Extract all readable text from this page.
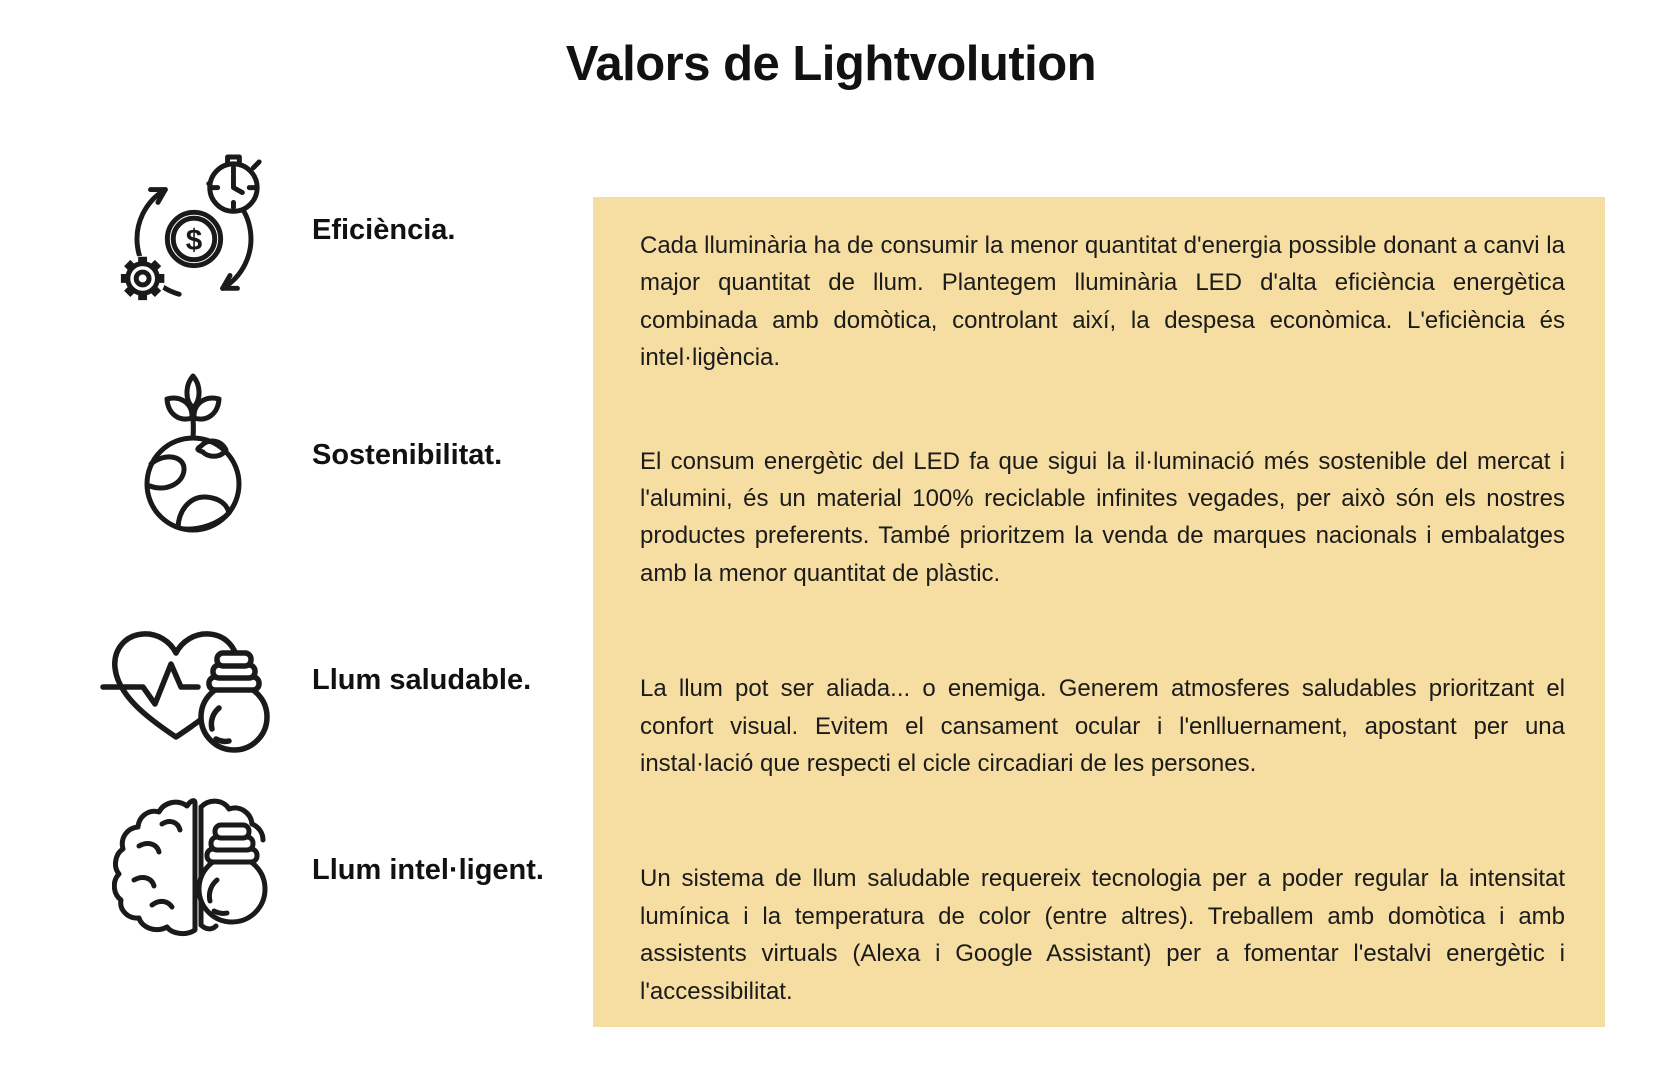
Valors de Lightvolution
$	Eficiència.
Sostenibilitat.
Llum saludable.
Llum intel·ligent.

Cada lluminària ha de consumir la menor quantitat d'energia possible donant a canvi la major quantitat de llum. Plantegem lluminària LED d'alta eficiència energètica combinada amb domòtica, controlant així, la despesa econòmica. L'eficiència és intel·ligència.

El consum energètic del LED fa que sigui la il·luminació més sostenible del mercat i l'alumini, és un material 100% reciclable infinites vegades, per això són els nostres productes preferents. També prioritzem la venda de marques nacionals i embalatges amb la menor quantitat de plàstic.

La llum pot ser aliada... o enemiga. Generem atmosferes saludables prioritzant el confort visual. Evitem el cansament ocular i l'enlluernament, apostant per una instal·lació que respecti el cicle circadiari de les persones.

Un sistema de llum saludable requereix tecnologia per a poder regular la intensitat lumínica i la temperatura de color (entre altres). Treballem amb domòtica i amb assistents virtuals (Alexa i Google Assistant) per a fomentar l'estalvi energètic i l'accessibilitat.
